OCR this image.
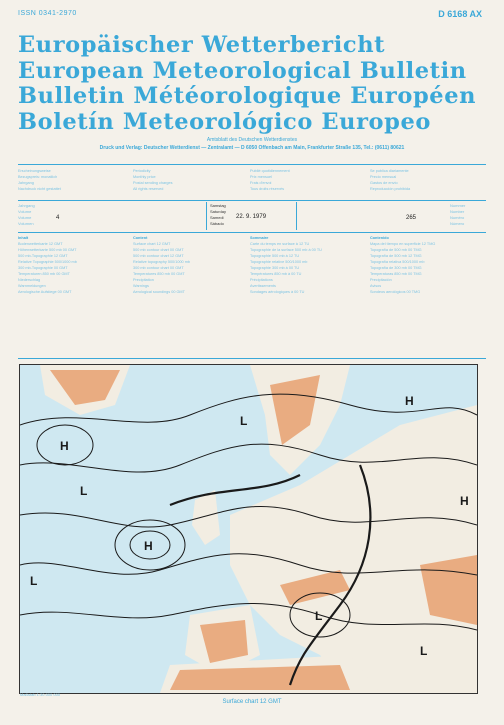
ISSN 0341-2970	D 6168 AX
Europäischer Wetterbericht
European Meteorological Bulletin
Bulletin Météorologique Européen
Boletín Meteorológico Europeo
Amtsblatt des Deutschen Wetterdienstes
Druck und Verlag: Deutscher Wetterdienst — Zentralamt — D 6050 Offenbach am Main, Frankfurter Straße 135, Tel.: (0611) 80621
Erscheinungsweise
Bezugspreis: monatlich
Jahrgang
Nachdruck nicht gestattet
Periodicity
Monthly price
Postal sending charges
All rights reserved
Publié quotidiennement
Prix mensuel
Frais d'envoi
Tous droits réservés
Se publica diariamente
Precio mensual
Gastos de envío
Reproducción prohibida
Jahrgang
Volume
Volume
Volumen
4
Samstag
Saturday
Samedi
Sábado
22. 9. 1979
Nummer
Number
Numéro
Número
265
Inhalt
Bodenwetterkarte 12 GMT
Höhenwetterkarte 500 mb 00 GMT
500 mb-Topographie 12 GMT
Relative Topographie 500/1000 mb
300 mb-Topographie 00 GMT
Temperaturen 850 mb 00 GMT
Niederschlag
Warnmeldungen
Aerologische Aufstiege 00 GMT
Content
Surface chart 12 GMT
500 mb contour chart 00 GMT
500 mb contour chart 12 GMT
Relative topography 500/1000 mb
300 mb contour chart 00 GMT
Temperatures 850 mb 00 GMT
Precipitation
Warnings
Aerological soundings 00 GMT
Sommaire
Carte du temps en surface à 12 TU
Topographie de la surface 500 mb à 00 TU
Topographie 500 mb à 12 TU
Topographie relative 500/1000 mb
Topographie 300 mb à 00 TU
Températures 850 mb à 00 TU
Précipitations
Avertissements
Sondages aérologiques à 00 TU
Contenido
Mapa del tiempo en superficie 12 TMG
Topografía de 500 mb 00 TMG
Topografía de 500 mb 12 TMG
Topografía relativa 500/1000 mb
Topografía de 300 mb 00 TMG
Temperaturas 850 mb 00 TMG
Precipitación
Avisos
Sondeos aerológicos 00 TMG
H
H
H
L
L
L
L
H
L
Maßstab 1:30 000 000
Surface chart 12 GMT
